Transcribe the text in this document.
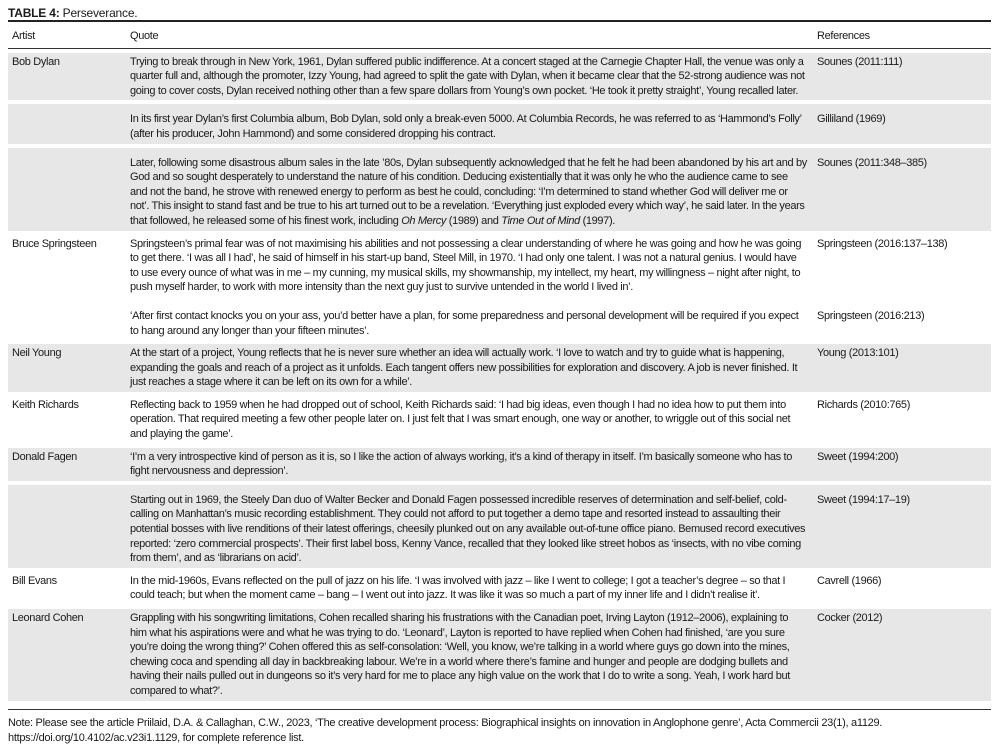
TABLE 4: Perseverance.
Artist	Quote	References
Bob Dylan	Trying to break through in New York, 1961, Dylan suffered public indifference. At a concert staged at the Carnegie Chapter Hall, the venue was only a quarter full and, although the promoter, Izzy Young, had agreed to split the gate with Dylan, when it became clear that the 52-strong audience was not going to cover costs, Dylan received nothing other than a few spare dollars from Young’s own pocket. ‘He took it pretty straight’, Young recalled later.	Sounes (2011:111)
	In its first year Dylan’s first Columbia album, Bob Dylan, sold only a break-even 5000. At Columbia Records, he was referred to as ‘Hammond’s Folly’ (after his producer, John Hammond) and some considered dropping his contract.	Gilliland (1969)
	Later, following some disastrous album sales in the late ’80s, Dylan subsequently acknowledged that he felt he had been abandoned by his art and by God and so sought desperately to understand the nature of his condition. Deducing existentially that it was only he who the audience came to see and not the band, he strove with renewed energy to perform as best he could, concluding: ‘I’m determined to stand whether God will deliver me or not’. This insight to stand fast and be true to his art turned out to be a revelation. ‘Everything just exploded every which way’, he said later. In the years that followed, he released some of his finest work, including Oh Mercy (1989) and Time Out of Mind (1997).	Sounes (2011:348–385)
Bruce Springsteen	Springsteen’s primal fear was of not maximising his abilities and not possessing a clear understanding of where he was going and how he was going to get there. ‘I was all I had’, he said of himself in his start-up band, Steel Mill, in 1970. ‘I had only one talent. I was not a natural genius. I would have to use every ounce of what was in me – my cunning, my musical skills, my showmanship, my intellect, my heart, my willingness – night after night, to push myself harder, to work with more intensity than the next guy just to survive untended in the world I lived in’.	Springsteen (2016:137–138)
	‘After first contact knocks you on your ass, you’d better have a plan, for some preparedness and personal development will be required if you expect to hang around any longer than your fifteen minutes’.	Springsteen (2016:213)
Neil Young	At the start of a project, Young reflects that he is never sure whether an idea will actually work. ‘I love to watch and try to guide what is happening, expanding the goals and reach of a project as it unfolds. Each tangent offers new possibilities for exploration and discovery. A job is never finished. It just reaches a stage where it can be left on its own for a while’.	Young (2013:101)
Keith Richards	Reflecting back to 1959 when he had dropped out of school, Keith Richards said: ‘I had big ideas, even though I had no idea how to put them into operation. That required meeting a few other people later on. I just felt that I was smart enough, one way or another, to wriggle out of this social net and playing the game’.	Richards (2010:765)
Donald Fagen	‘I’m a very introspective kind of person as it is, so I like the action of always working, it’s a kind of therapy in itself. I’m basically someone who has to fight nervousness and depression’.	Sweet (1994:200)
	Starting out in 1969, the Steely Dan duo of Walter Becker and Donald Fagen possessed incredible reserves of determination and self-belief, cold-calling on Manhattan’s music recording establishment. They could not afford to put together a demo tape and resorted instead to assaulting their potential bosses with live renditions of their latest offerings, cheesily plunked out on any available out-of-tune office piano. Bemused record executives reported: ‘zero commercial prospects’. Their first label boss, Kenny Vance, recalled that they looked like street hobos as ‘insects, with no vibe coming from them’, and as ‘librarians on acid’.	Sweet (1994:17–19)
Bill Evans	In the mid-1960s, Evans reflected on the pull of jazz on his life. ‘I was involved with jazz – like I went to college; I got a teacher’s degree – so that I could teach; but when the moment came – bang – I went out into jazz. It was like it was so much a part of my inner life and I didn’t realise it’.	Cavrell (1966)
Leonard Cohen	Grappling with his songwriting limitations, Cohen recalled sharing his frustrations with the Canadian poet, Irving Layton (1912–2006), explaining to him what his aspirations were and what he was trying to do. ‘Leonard’, Layton is reported to have replied when Cohen had finished, ‘are you sure you’re doing the wrong thing?’ Cohen offered this as self-consolation: ‘Well, you know, we’re talking in a world where guys go down into the mines, chewing coca and spending all day in backbreaking labour. We’re in a world where there’s famine and hunger and people are dodging bullets and having their nails pulled out in dungeons so it’s very hard for me to place any high value on the work that I do to write a song. Yeah, I work hard but compared to what?’.	Cocker (2012)
Note: Please see the article Priilaid, D.A. & Callaghan, C.W., 2023, ‘The creative development process: Biographical insights on innovation in Anglophone genre’, Acta Commercii 23(1), a1129. https://doi.org/10.4102/ac.v23i1.1129, for complete reference list.
